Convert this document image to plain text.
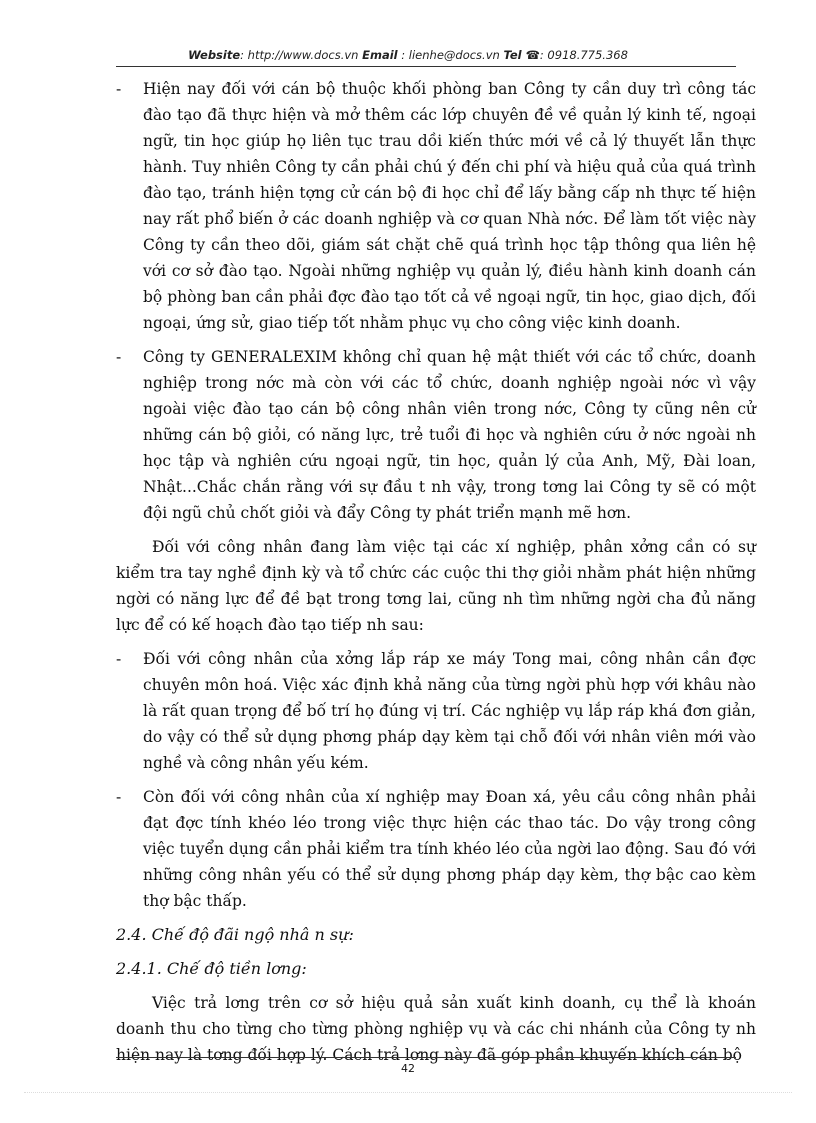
Website: http://www.docs.vn Email : lienhe@docs.vn Tel ☎: 0918.775.368
- Hiện nay đối với cán bộ thuộc khối phòng ban Công ty cần duy trì công tác đào tạo đã thực hiện và mở thêm các lớp chuyên đề về quản lý kinh tế, ngoại ngữ, tin học giúp họ liên tục trau dồi kiến thức mới về cả lý thuyết lẫn thực hành. Tuy nhiên Công ty cần phải chú ý đến chi phí và hiệu quả của quá trình đào tạo, tránh hiện tợng cử cán bộ đi học chỉ để lấy bằng cấp nh thực tế hiện nay rất phổ biến ở các doanh nghiệp và cơ quan Nhà nớc. Để làm tốt việc này Công ty cần theo dõi, giám sát chặt chẽ quá trình học tập thông qua liên hệ với cơ sở đào tạo. Ngoài những nghiệp vụ quản lý, điều hành kinh doanh cán bộ phòng ban cần phải đợc đào tạo tốt cả về ngoại ngữ, tin học, giao dịch, đối ngoại, ứng sử, giao tiếp tốt nhằm phục vụ cho công việc kinh doanh.
- Công ty GENERALEXIM không chỉ quan hệ mật thiết với các tổ chức, doanh nghiệp trong nớc mà còn với các tổ chức, doanh nghiệp ngoài nớc vì vậy ngoài việc đào tạo cán bộ công nhân viên trong nớc, Công ty cũng nên cử những cán bộ giỏi, có năng lực, trẻ tuổi đi học và nghiên cứu ở nớc ngoài nh học tập và nghiên cứu ngoại ngữ, tin học, quản lý của Anh, Mỹ, Đài loan, Nhật...Chắc chắn rằng với sự đầu t nh vậy, trong tơng lai Công ty sẽ có một đội ngũ chủ chốt giỏi và đẩy Công ty phát triển mạnh mẽ hơn.

Đối với công nhân đang làm việc tại các xí nghiệp, phân xởng cần có sự kiểm tra tay nghề định kỳ và tổ chức các cuộc thi thợ giỏi nhằm phát hiện những ngời có năng lực để đề bạt trong tơng lai, cũng nh tìm những ngời cha đủ năng lực để có kế hoạch đào tạo tiếp nh sau:

- Đối với công nhân của xởng lắp ráp xe máy Tong mai, công nhân cần đợc chuyên môn hoá. Việc xác định khả năng của từng ngời phù hợp với khâu nào là rất quan trọng để bố trí họ đúng vị trí. Các nghiệp vụ lắp ráp khá đơn giản, do vậy có thể sử dụng phơng pháp dạy kèm tại chỗ đối với nhân viên mới vào nghề và công nhân yếu kém.
- Còn đối với công nhân của xí nghiệp may Đoan xá, yêu cầu công nhân phải đạt đợc tính khéo léo trong việc thực hiện các thao tác. Do vậy trong công việc tuyển dụng cần phải kiểm tra tính khéo léo của ngời lao động. Sau đó với những công nhân yếu có thể sử dụng phơng pháp dạy kèm, thợ bậc cao kèm thợ bậc thấp.
2.4. Chế độ đãi ngộ nhâ n sự:
2.4.1. Chế độ tiền lơng:

Việc trả lơng trên cơ sở hiệu quả sản xuất kinh doanh, cụ thể là khoán doanh thu cho từng cho từng phòng nghiệp vụ và các chi nhánh của Công ty nh hiện nay là tơng đối hợp lý. Cách trả lơng này đã góp phần khuyến khích cán bộ

42
